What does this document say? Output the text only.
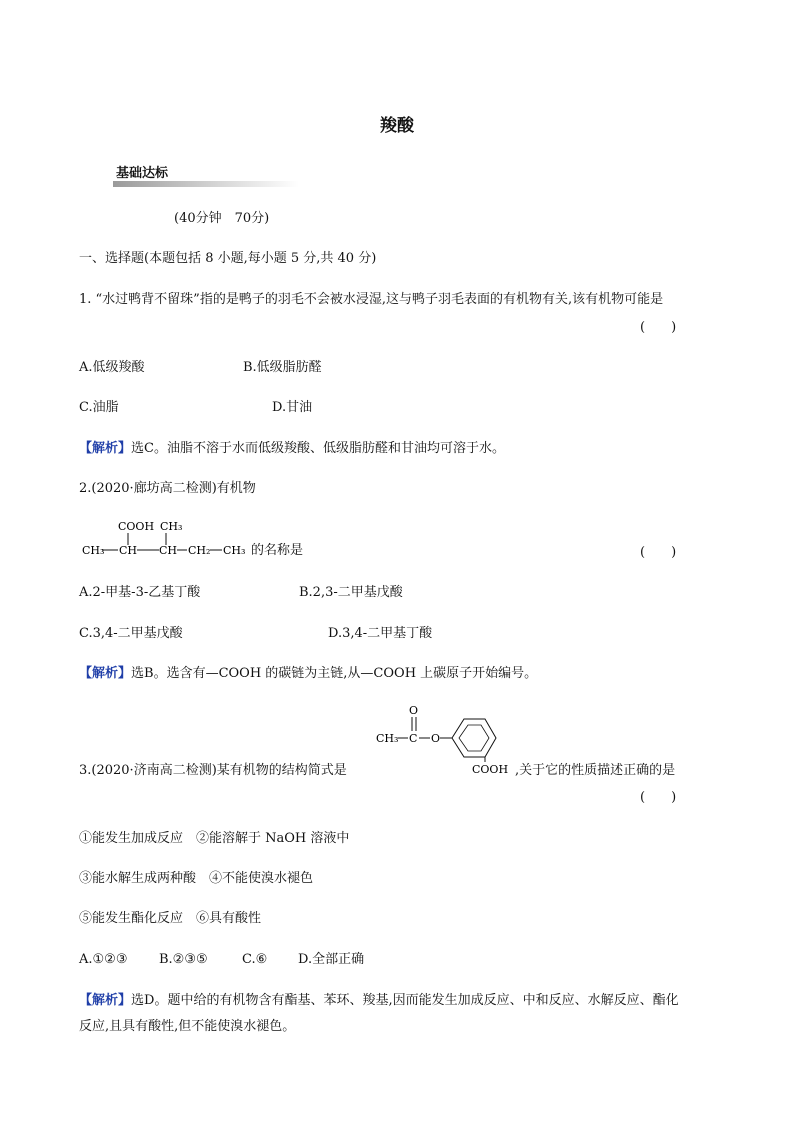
羧酸
基础达标
(40分钟　70分)
一、选择题(本题包括 8 小题,每小题 5 分,共 40 分)
1. “水过鸭背不留珠”指的是鸭子的羽毛不会被水浸湿,这与鸭子羽毛表面的有机物有关,该有机物可能是
(　　)
A.低级羧酸	B.低级脂肪醛
C.油脂	D.甘油
【解析】选C。油脂不溶于水而低级羧酸、低级脂肪醛和甘油均可溶于水。
2.(2020·廊坊高二检测)有机物
COOH CH₃
CH₃ CH CH CH₂ CH₃ 的名称是	(　　)
A.2-甲基-3-乙基丁酸	B.2,3-二甲基戊酸
C.3,4-二甲基戊酸	D.3,4-二甲基丁酸
【解析】选B。选含有—COOH 的碳链为主链,从—COOH 上碳原子开始编号。
CH₃ C
O
O
COOH
3.(2020·济南高二检测)某有机物的结构简式是	,关于它的性质描述正确的是
(　　)
①能发生加成反应　②能溶解于 NaOH 溶液中
③能水解生成两种酸　④不能使溴水褪色
⑤能发生酯化反应　⑥具有酸性
A.①②③ B.②③⑤	C.⑥ D.全部正确
【解析】选D。题中给的有机物含有酯基、苯环、羧基,因而能发生加成反应、中和反应、水解反应、酯化
反应,且具有酸性,但不能使溴水褪色。
